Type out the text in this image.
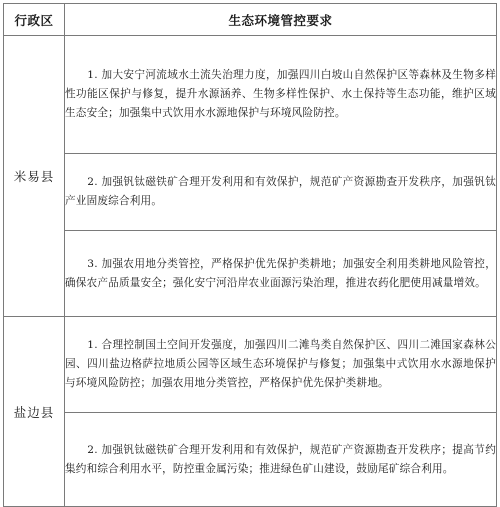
行政区	生态环境管控要求
米易县	1. 加大安宁河流域水土流失治理力度，加强四川白坡山自然保护区等森林及生物多样性功能区保护与修复，提升水源涵养、生物多样性保护、水土保持等生态功能，维护区域生态安全；加强集中式饮用水水源地保护与环境风险防控。

	2. 加强钒钛磁铁矿合理开发利用和有效保护，规范矿产资源勘查开发秩序，加强钒钛产业固废综合利用。

	3. 加强农用地分类管控，严格保护优先保护类耕地；加强安全利用类耕地风险管控，确保农产品质量安全；强化安宁河沿岸农业面源污染治理，推进农药化肥使用减量增效。

盐边县	1. 合理控制国土空间开发强度，加强四川二滩鸟类自然保护区、四川二滩国家森林公园、四川盐边格萨拉地质公园等区域生态环境保护与修复；加强集中式饮用水水源地保护与环境风险防控；加强农用地分类管控，严格保护优先保护类耕地。

	2. 加强钒钛磁铁矿合理开发利用和有效保护，规范矿产资源勘查开发秩序；提高节约集约和综合利用水平，防控重金属污染；推进绿色矿山建设，鼓励尾矿综合利用。
